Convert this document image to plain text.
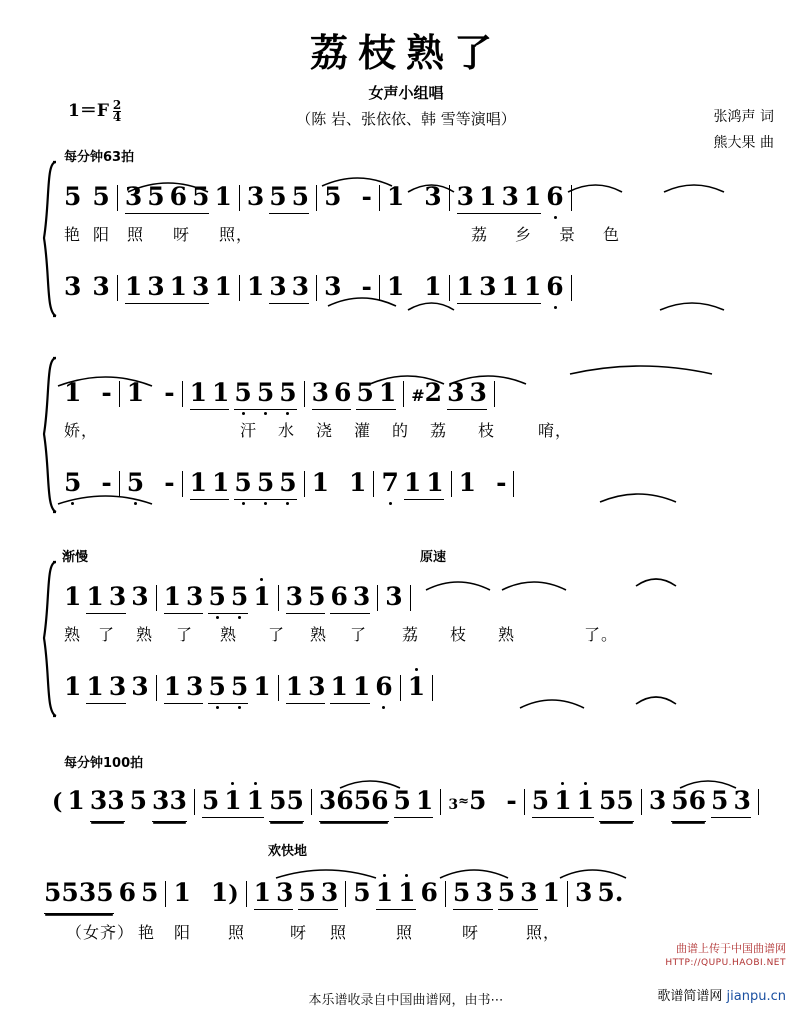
荔枝熟了
女声小组唱
（陈 岩、张依依、韩 雪等演唱）	张鸿声 词
熊大果 曲
$1=F \frac{2}{4}$
每分钟63拍
5 5 3 5 6 5 1 3 5 5 5 - 1 3 3 1 3 1 6
艳 阳 照 呀 照，	荔 乡 景 色
3 3 1 3 1 3 1 1 3 3 3 - 1 1 1 3 1 1 6
1 - 1 - 1 1 5 5 5 3 6 5 1 #2 3 3
娇，	汗 水 浇 灌 的 荔 枝	唷，
5 - 5 - 1 1 5 5 5 1 1 7 1 1 1 -
渐慢	原速
1 1 3 3 1 3 5 5 1 3 5 6 3 3
熟 了 熟 了 熟 了 熟 了 荔 枝 熟	了。
1 1 3 3 1 3 5 5 1 1 3 1 1 6 1
每分钟100拍
( 1 33 5 33 5 1 1 55 3656 5 1 3
≈5 - 5 1 1 55 3 56 5 3
欢快地
5535 6 5 1 1) 1 3 5 3 5 1 1 6 5 3 5 3 1 3 5.
（女齐） 艳 阳 照	呀 照	照	呀	照，
曲谱上传于中国曲谱网
HTTP://QUPU.HAOBI.NET
本乐谱收录自中国曲谱网，由书⋯	歌谱简谱网 jianpu.cn
